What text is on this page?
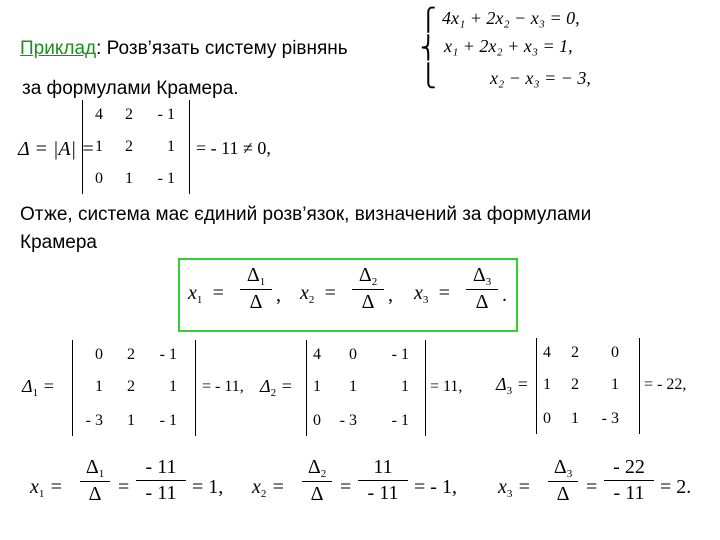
Приклад: Розв’язать систему рівнянь
за формулами Крамера.
⎧
⎨
⎩
4x₁ + 2x₂ − x₃ = 0,
x₁ + 2x₂ + x₃ = 1,
x₂ − x₃ = − 3,
Δ = |A| =
4	2	- 1
1	2	1
0	1	- 1
= - 11 ≠ 0,
Отже, система має єдиний розв’язок, визначений за формулами
Крамера
$x_1$ =
$\Delta_1$
Δ , $x_2$ =
$\Delta_2$
Δ , $x_3$ =
$\Delta_3$
Δ .
$\Delta_1$ =
0	2	- 1
1	2	1
- 3	1	- 1
= - 11, $\Delta_2$ =
4	0	- 1
1	1	1
0	- 3	- 1
= 11, $\Delta_3$ =
4	2	0
1	2	1
0	1	- 3
= - 22,
$x_1$ =
$\Delta_1$
Δ =
- 11
- 11 = 1, $x_2$ =
$\Delta_2$
Δ =
11
- 11 = - 1, $x_3$ =
$\Delta_3$
Δ =
- 22
- 11 = 2.
